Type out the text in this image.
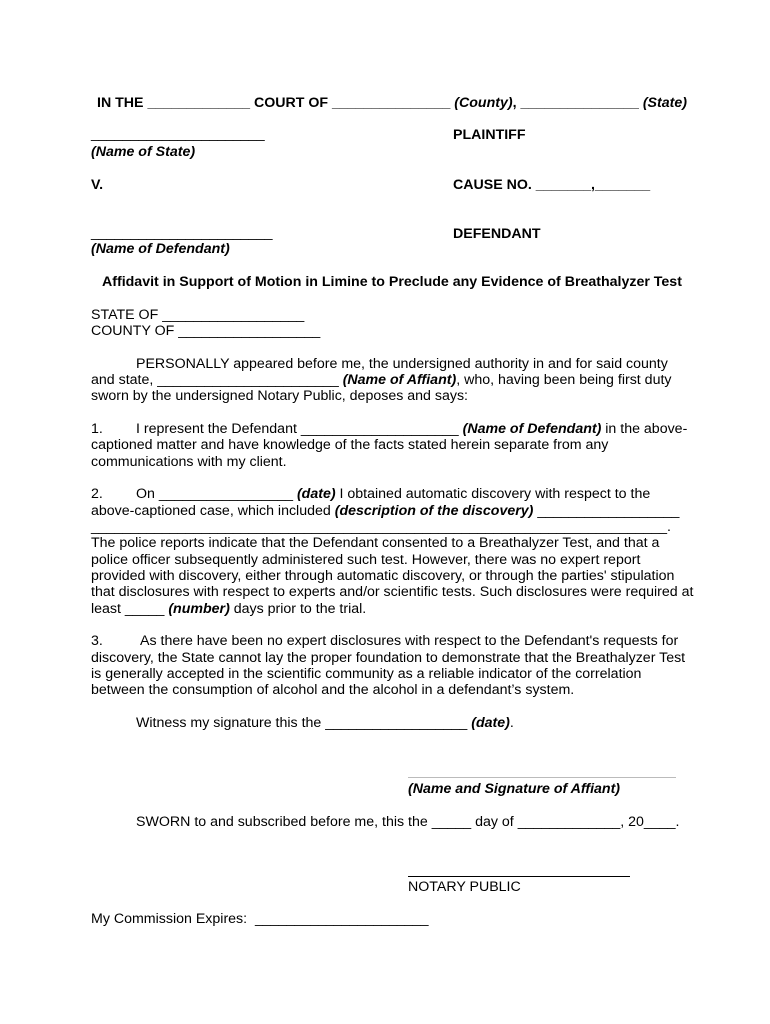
IN THE _____________ COURT OF _______________ (County), _______________ (State)
______________________
(Name of State)
PLAINTIFF
V.	CAUSE NO. _______,_______
_______________________
(Name of Defendant)
DEFENDANT
Affidavit in Support of Motion in Limine to Preclude any Evidence of Breathalyzer Test
STATE OF __________________
COUNTY OF __________________
PERSONALLY appeared before me, the undersigned authority in and for said county
and state, _______________________ (Name of Affiant), who, having been being first duty
sworn by the undersigned Notary Public, deposes and says:
1. I represent the Defendant ____________________ (Name of Defendant) in the above-
captioned matter and have knowledge of the facts stated herein separate from any
communications with my client.
2. On _________________ (date) I obtained automatic discovery with respect to the
above-captioned case, which included (description of the discovery) __________________
_________________________________________________________________________.
The police reports indicate that the Defendant consented to a Breathalyzer Test, and that a
police officer subsequently administered such test. However, there was no expert report
provided with discovery, either through automatic discovery, or through the parties' stipulation
that disclosures with respect to experts and/or scientific tests. Such disclosures were required at
least _____ (number) days prior to the trial.
3.	As there have been no expert disclosures with respect to the Defendant's requests for
discovery, the State cannot lay the proper foundation to demonstrate that the Breathalyzer Test
is generally accepted in the scientific community as a reliable indicator of the correlation
between the consumption of alcohol and the alcohol in a defendant’s system.
Witness my signature this the __________________ (date).
(Name and Signature of Affiant)
SWORN to and subscribed before me, this the _____ day of _____________, 20____.
NOTARY PUBLIC
My Commission Expires:  ______________________
